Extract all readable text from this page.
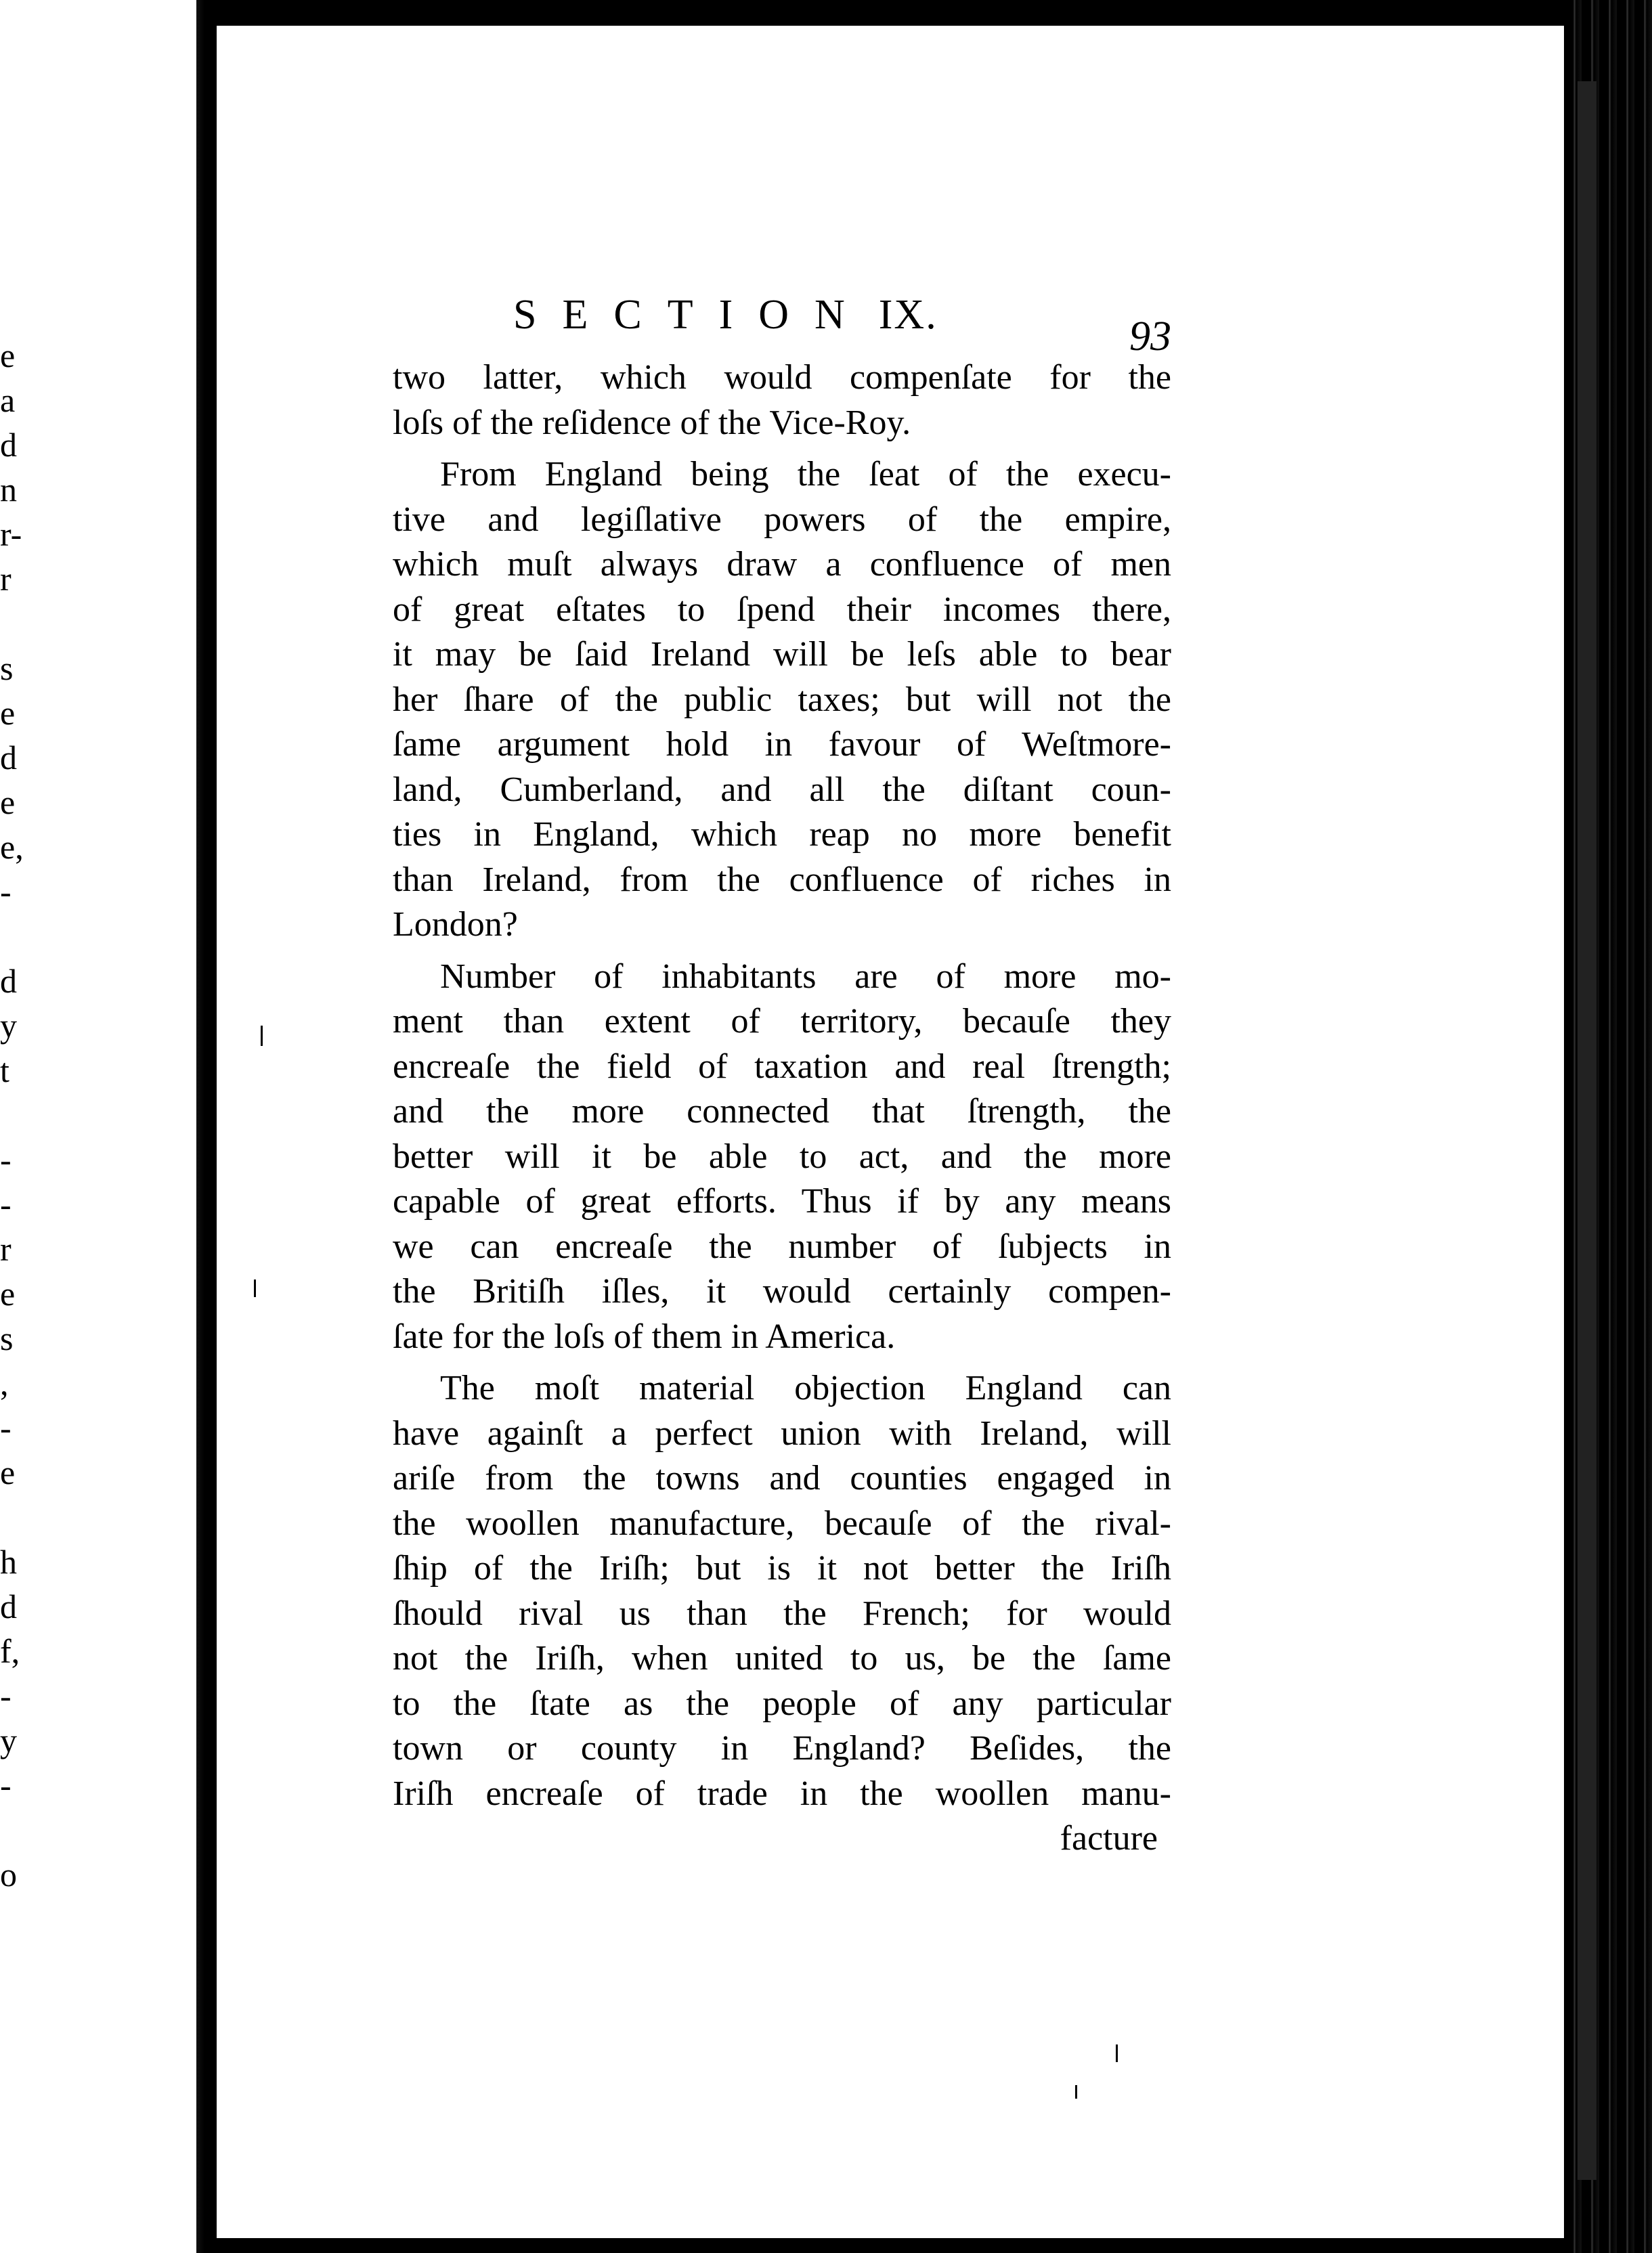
e
a
d
n
r-
r
s
e
d
e
e,
-
d
y
t
-
-
r
e
s
,
-
e
h
d
f,
-
y
-
o
SECTION IX.	93
two latter, which would compenſate for the
loſs of the reſidence of the Vice-Roy.
From England being the ſeat of the execu-
tive and legiſlative powers of the empire,
which muſt always draw a confluence of men
of great eſtates to ſpend their incomes there,
it may be ſaid Ireland will be leſs able to bear
her ſhare of the public taxes; but will not the
ſame argument hold in favour of Weſtmore-
land, Cumberland, and all the diſtant coun-
ties in England, which reap no more benefit
than Ireland, from the confluence of riches in
London?
Number of inhabitants are of more mo-
ment than extent of territory, becauſe they
encreaſe the field of taxation and real ſtrength;
and the more connected that ſtrength, the
better will it be able to act, and the more
capable of great efforts. Thus if by any means
we can encreaſe the number of ſubjects in
the Britiſh iſles, it would certainly compen-
ſate for the loſs of them in America.
The moſt material objection England can
have againſt a perfect union with Ireland, will
ariſe from the towns and counties engaged in
the woollen manufacture, becauſe of the rival-
ſhip of the Iriſh; but is it not better the Iriſh
ſhould rival us than the French; for would
not the Iriſh, when united to us, be the ſame
to the ſtate as the people of any particular
town or county in England? Beſides, the
Iriſh encreaſe of trade in the woollen manu-
facture
